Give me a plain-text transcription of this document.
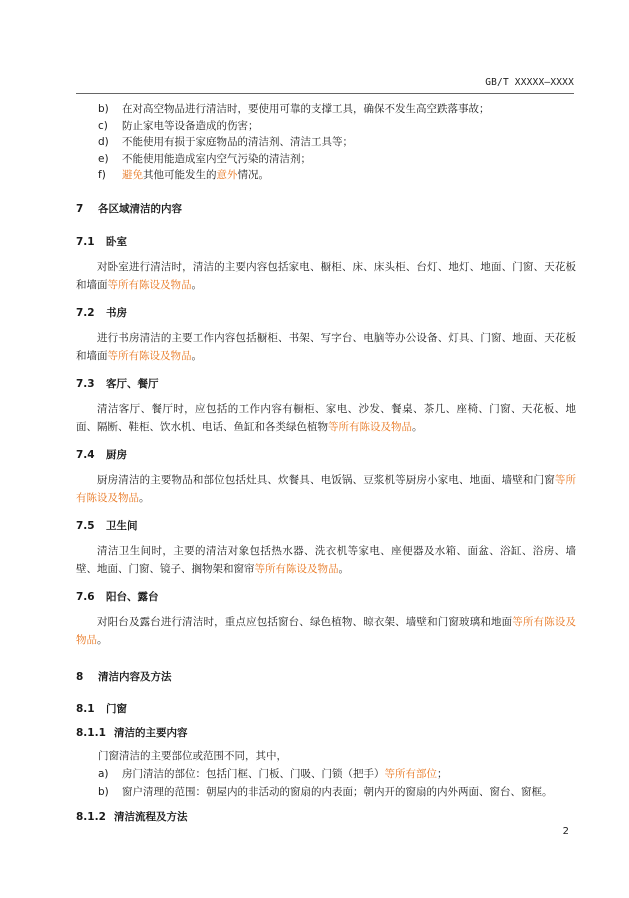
GB/T XXXXX—XXXX
b)	在对高空物品进行清洁时，要使用可靠的支撑工具，确保不发生高空跌落事故；
c)	防止家电等设备造成的伤害；
d)	不能使用有损于家庭物品的清洁剂、清洁工具等；
e)	不能使用能造成室内空气污染的清洁剂；
f)	避免其他可能发生的意外情况。
7 各区域清洁的内容
7.1 卧室
对卧室进行清洁时，清洁的主要内容包括家电、橱柜、床、床头柜、台灯、地灯、地面、门窗、天花板和墙面等所有陈设及物品。
7.2 书房
进行书房清洁的主要工作内容包括橱柜、书架、写字台、电脑等办公设备、灯具、门窗、地面、天花板和墙面等所有陈设及物品。
7.3 客厅、餐厅
清洁客厅、餐厅时，应包括的工作内容有橱柜、家电、沙发、餐桌、茶几、座椅、门窗、天花板、地面、隔断、鞋柜、饮水机、电话、鱼缸和各类绿色植物等所有陈设及物品。
7.4 厨房
厨房清洁的主要物品和部位包括灶具、炊餐具、电饭锅、豆浆机等厨房小家电、地面、墙壁和门窗等所有陈设及物品。
7.5 卫生间
清洁卫生间时，主要的清洁对象包括热水器、洗衣机等家电、座便器及水箱、面盆、浴缸、浴房、墙壁、地面、门窗、镜子、搁物架和窗帘等所有陈设及物品。
7.6 阳台、露台
对阳台及露台进行清洁时，重点应包括窗台、绿色植物、晾衣架、墙壁和门窗玻璃和地面等所有陈设及物品。
8 清洁内容及方法
8.1 门窗
8.1.1 清洁的主要内容
门窗清洁的主要部位或范围不同，其中，
a)	房门清洁的部位：包括门框、门板、门吸、门锁（把手）等所有部位；
b)	窗户清理的范围：朝屋内的非活动的窗扇的内表面；朝内开的窗扇的内外两面、窗台、窗框。
8.1.2 清洁流程及方法
2
